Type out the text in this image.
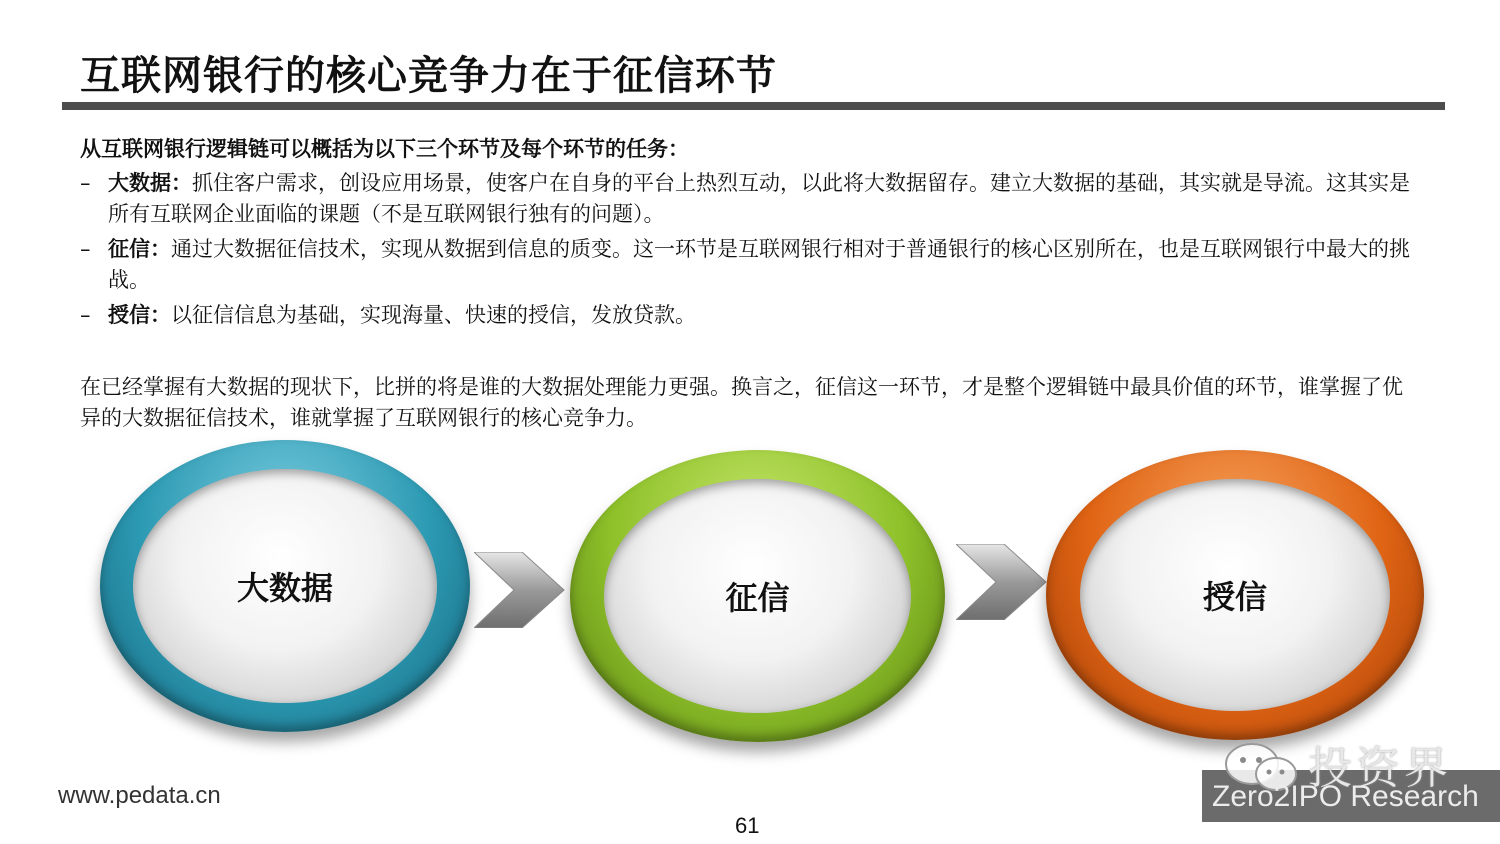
互联网银行的核心竞争力在于征信环节
从互联网银行逻辑链可以概括为以下三个环节及每个环节的任务：
– 大数据：抓住客户需求，创设应用场景，使客户在自身的平台上热烈互动，以此将大数据留存。建立大数据的基础，其实就是导流。这其实是所有互联网企业面临的课题（不是互联网银行独有的问题）。
– 征信：通过大数据征信技术，实现从数据到信息的质变。这一环节是互联网银行相对于普通银行的核心区别所在，也是互联网银行中最大的挑战。
– 授信：以征信信息为基础，实现海量、快速的授信，发放贷款。
在已经掌握有大数据的现状下，比拼的将是谁的大数据处理能力更强。换言之，征信这一环节，才是整个逻辑链中最具价值的环节，谁掌握了优异的大数据征信技术，谁就掌握了互联网银行的核心竞争力。
大数据	征信	授信
www.pedata.cn
61
投资界
Zero2IPO Research
